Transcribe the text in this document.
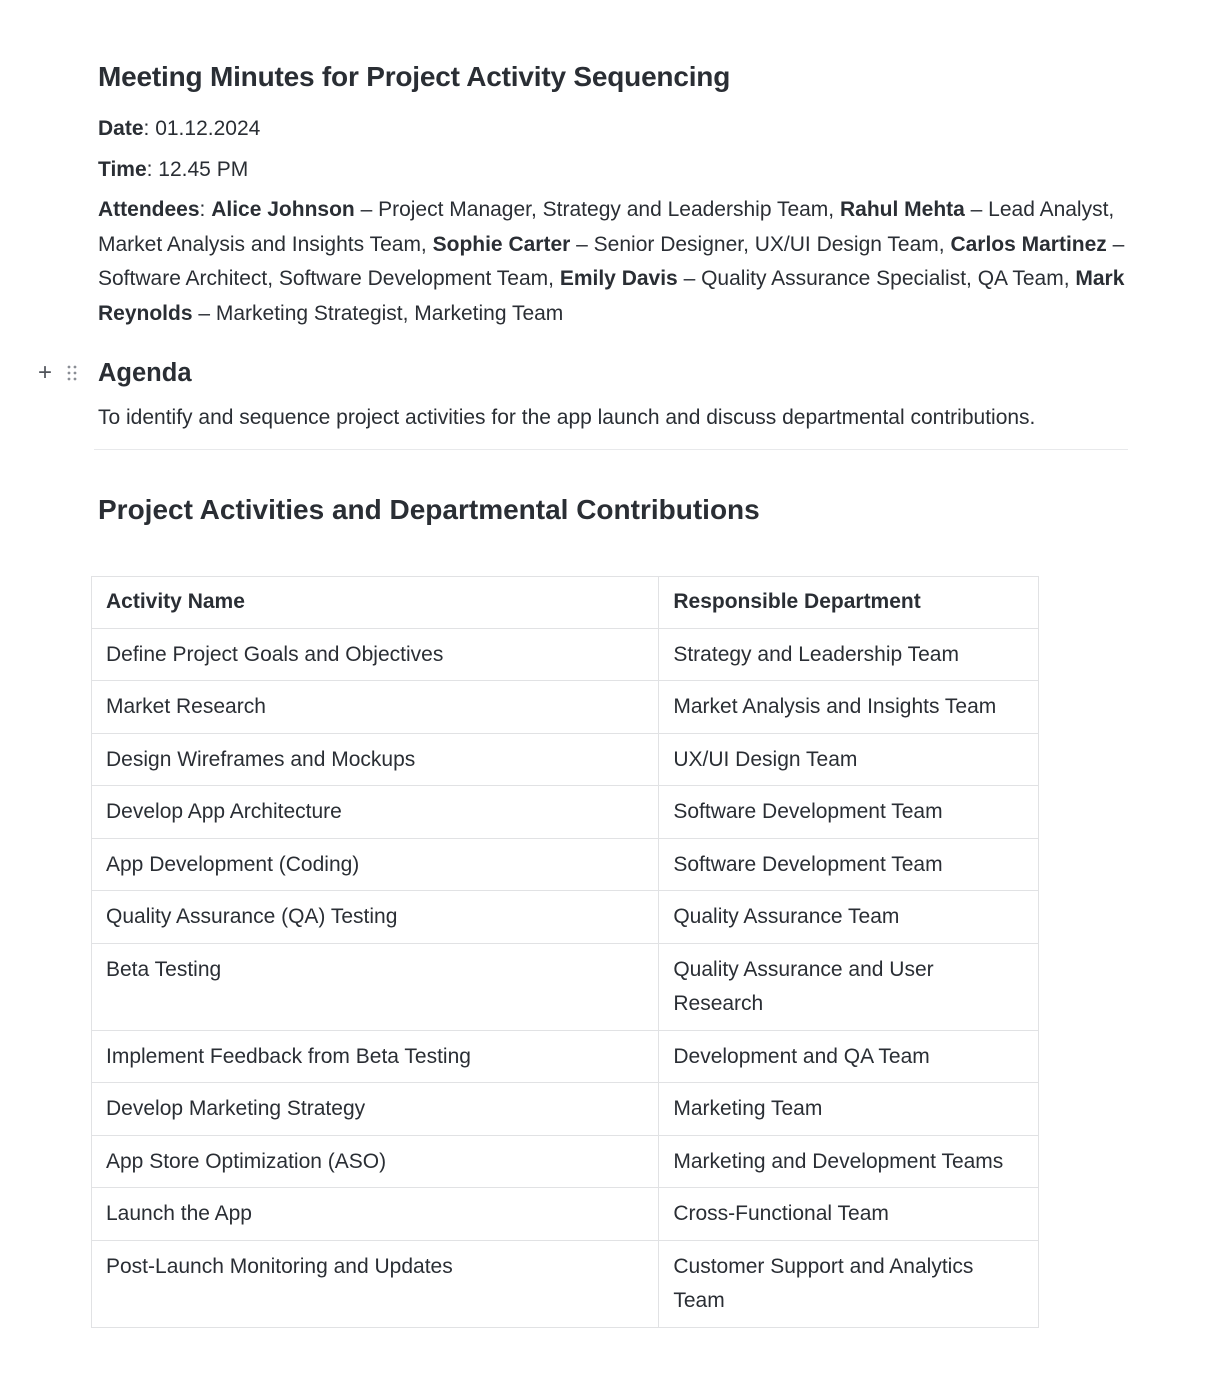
Meeting Minutes for Project Activity Sequencing

Date: 01.12.2024

Time: 12.45 PM

Attendees: Alice Johnson – Project Manager, Strategy and Leadership Team, Rahul Mehta – Lead Analyst, Market Analysis and Insights Team, Sophie Carter – Senior Designer, UX/UI Design Team, Carlos Martinez – Software Architect, Software Development Team, Emily Davis – Quality Assurance Specialist, QA Team, Mark Reynolds – Marketing Strategist, Marketing Team

+ Agenda

To identify and sequence project activities for the app launch and discuss departmental contributions.

Project Activities and Departmental Contributions
Activity Name	Responsible Department
Define Project Goals and Objectives	Strategy and Leadership Team
Market Research	Market Analysis and Insights Team
Design Wireframes and Mockups	UX/UI Design Team
Develop App Architecture	Software Development Team
App Development (Coding)	Software Development Team
Quality Assurance (QA) Testing	Quality Assurance Team
Beta Testing	Quality Assurance and User Research
Implement Feedback from Beta Testing	Development and QA Team
Develop Marketing Strategy	Marketing Team
App Store Optimization (ASO)	Marketing and Development Teams
Launch the App	Cross-Functional Team
Post-Launch Monitoring and Updates	Customer Support and Analytics Team
